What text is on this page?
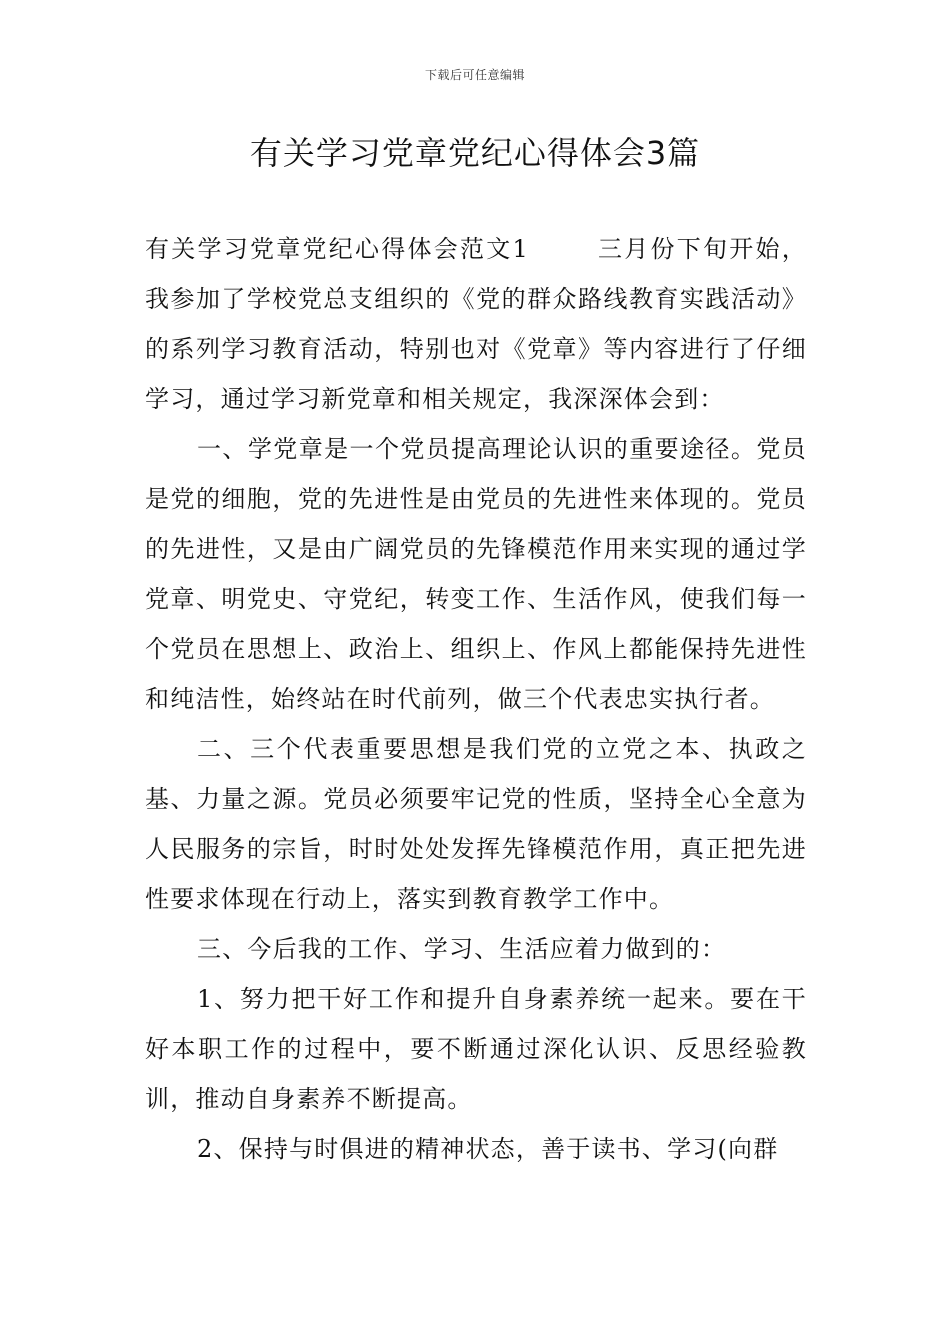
下载后可任意编辑
有关学习党章党纪心得体会3篇

有关学习党章党纪心得体会范文1	三月份下旬开始，我参加了学校党总支组织的《党的群众路线教育实践活动》的系列学习教育活动，特别也对《党章》等内容进行了仔细学习，通过学习新党章和相关规定，我深深体会到：

一、学党章是一个党员提高理论认识的重要途径。党员是党的细胞，党的先进性是由党员的先进性来体现的。党员的先进性，又是由广阔党员的先锋模范作用来实现的通过学党章、明党史、守党纪，转变工作、生活作风，使我们每一个党员在思想上、政治上、组织上、作风上都能保持先进性和纯洁性，始终站在时代前列，做三个代表忠实执行者。

二、三个代表重要思想是我们党的立党之本、执政之基、力量之源。党员必须要牢记党的性质，坚持全心全意为人民服务的宗旨，时时处处发挥先锋模范作用，真正把先进性要求体现在行动上，落实到教育教学工作中。

三、今后我的工作、学习、生活应着力做到的：

1、努力把干好工作和提升自身素养统一起来。要在干好本职工作的过程中，要不断通过深化认识、反思经验教训，推动自身素养不断提高。

2、保持与时俱进的精神状态，善于读书、学习(向群
